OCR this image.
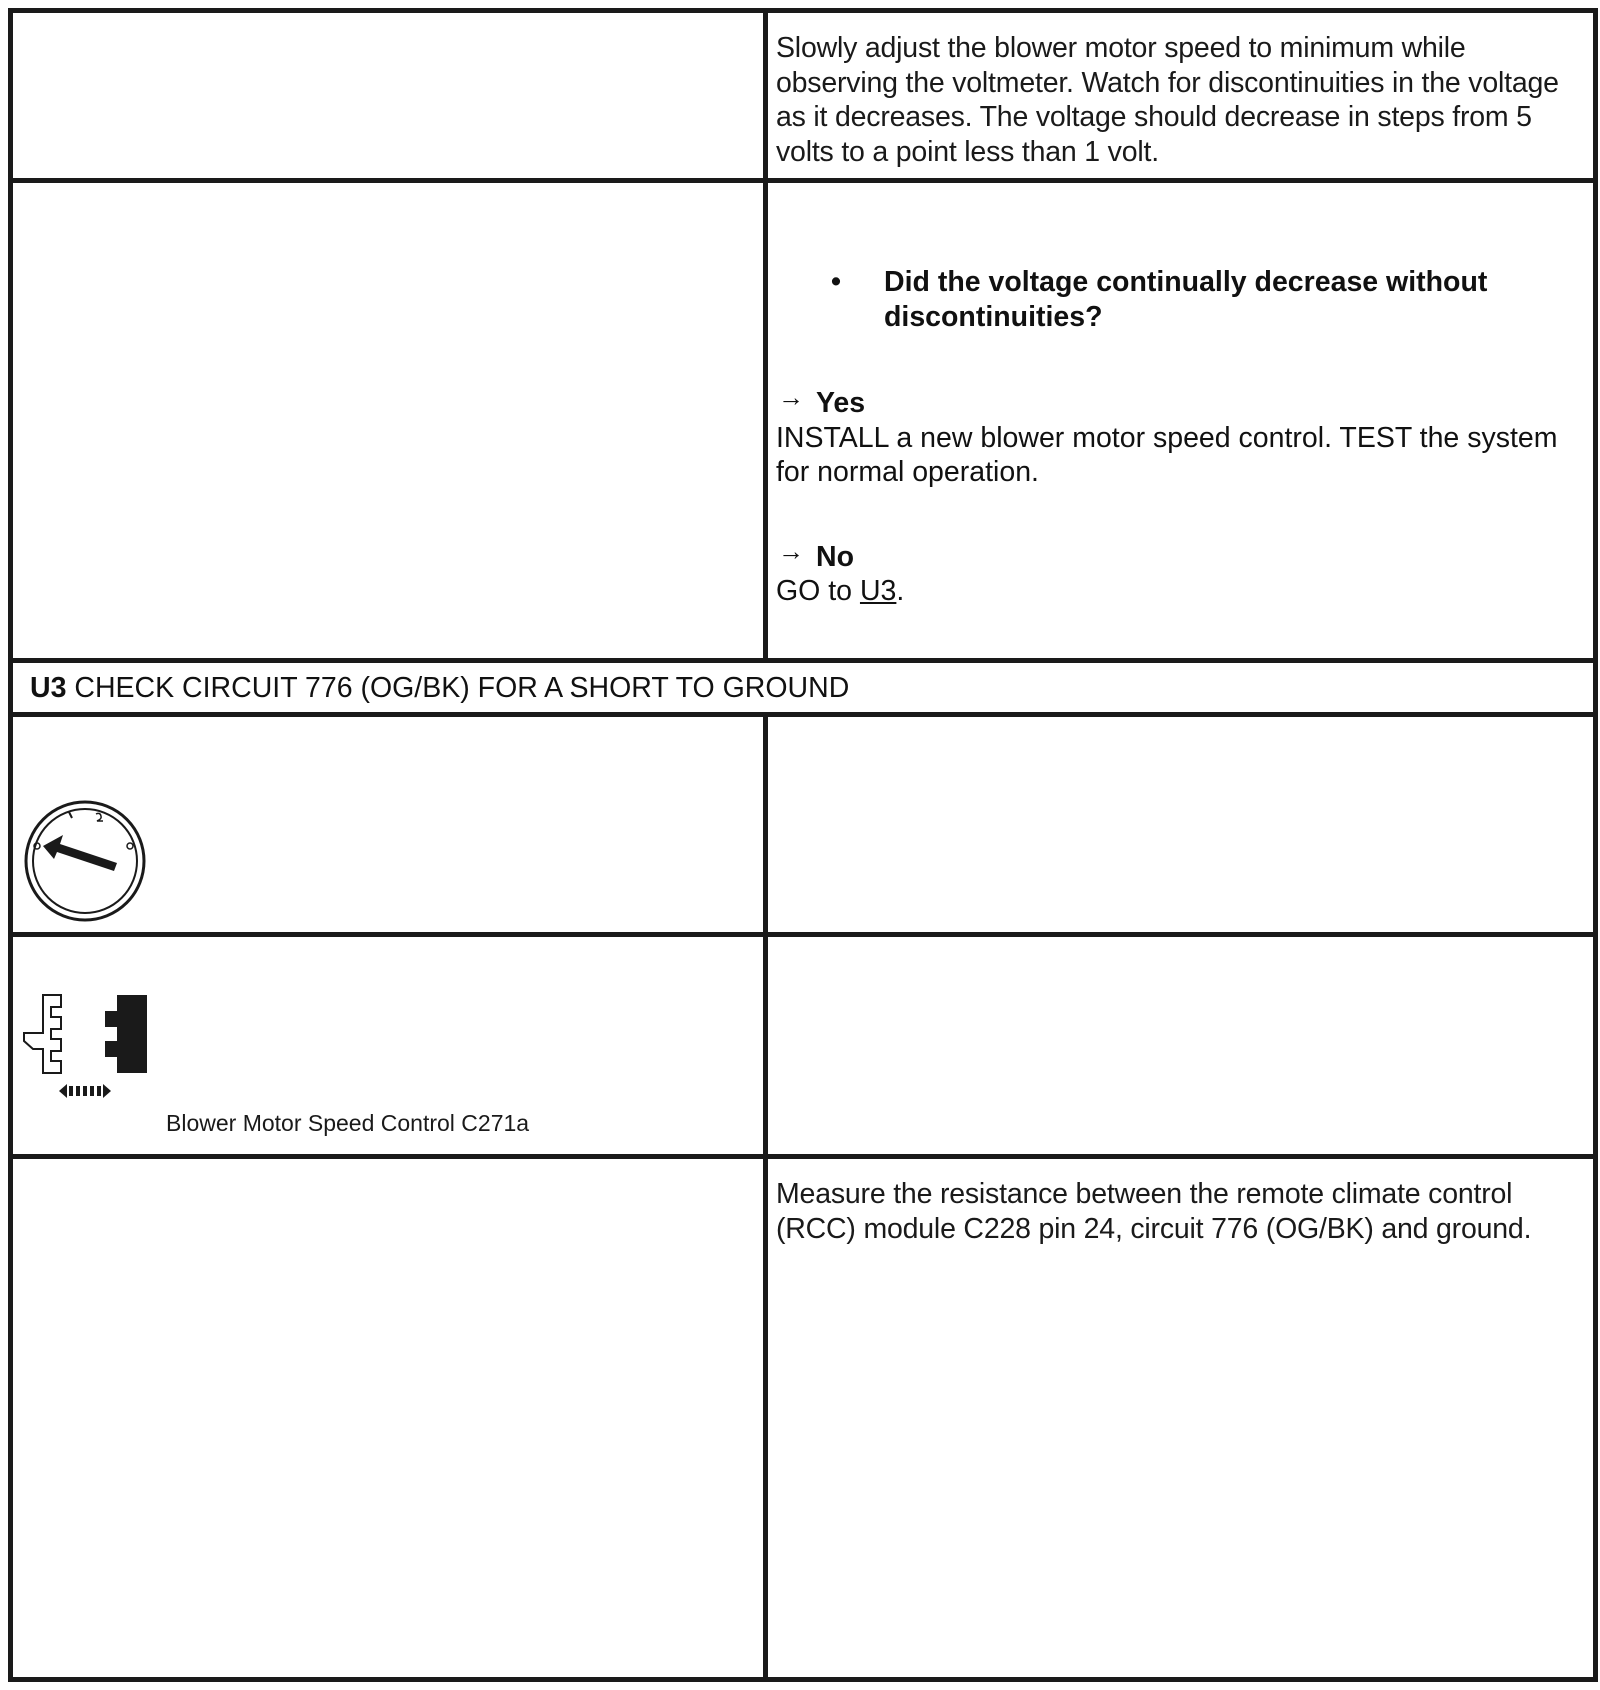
Slowly adjust the blower motor speed to minimum while observing the voltmeter. Watch for discontinuities in the voltage as it decreases. The voltage should decrease in steps from 5 volts to a point less than 1 volt.
• Did the voltage continually decrease without discontinuities?
→ Yes
INSTALL a new blower motor speed control. TEST the system for normal operation.
→ No
GO to U3.
U3 CHECK CIRCUIT 776 (OG/BK) FOR A SHORT TO GROUND
Blower Motor Speed Control C271a
Measure the resistance between the remote climate control (RCC) module C228 pin 24, circuit 776 (OG/BK) and ground.
